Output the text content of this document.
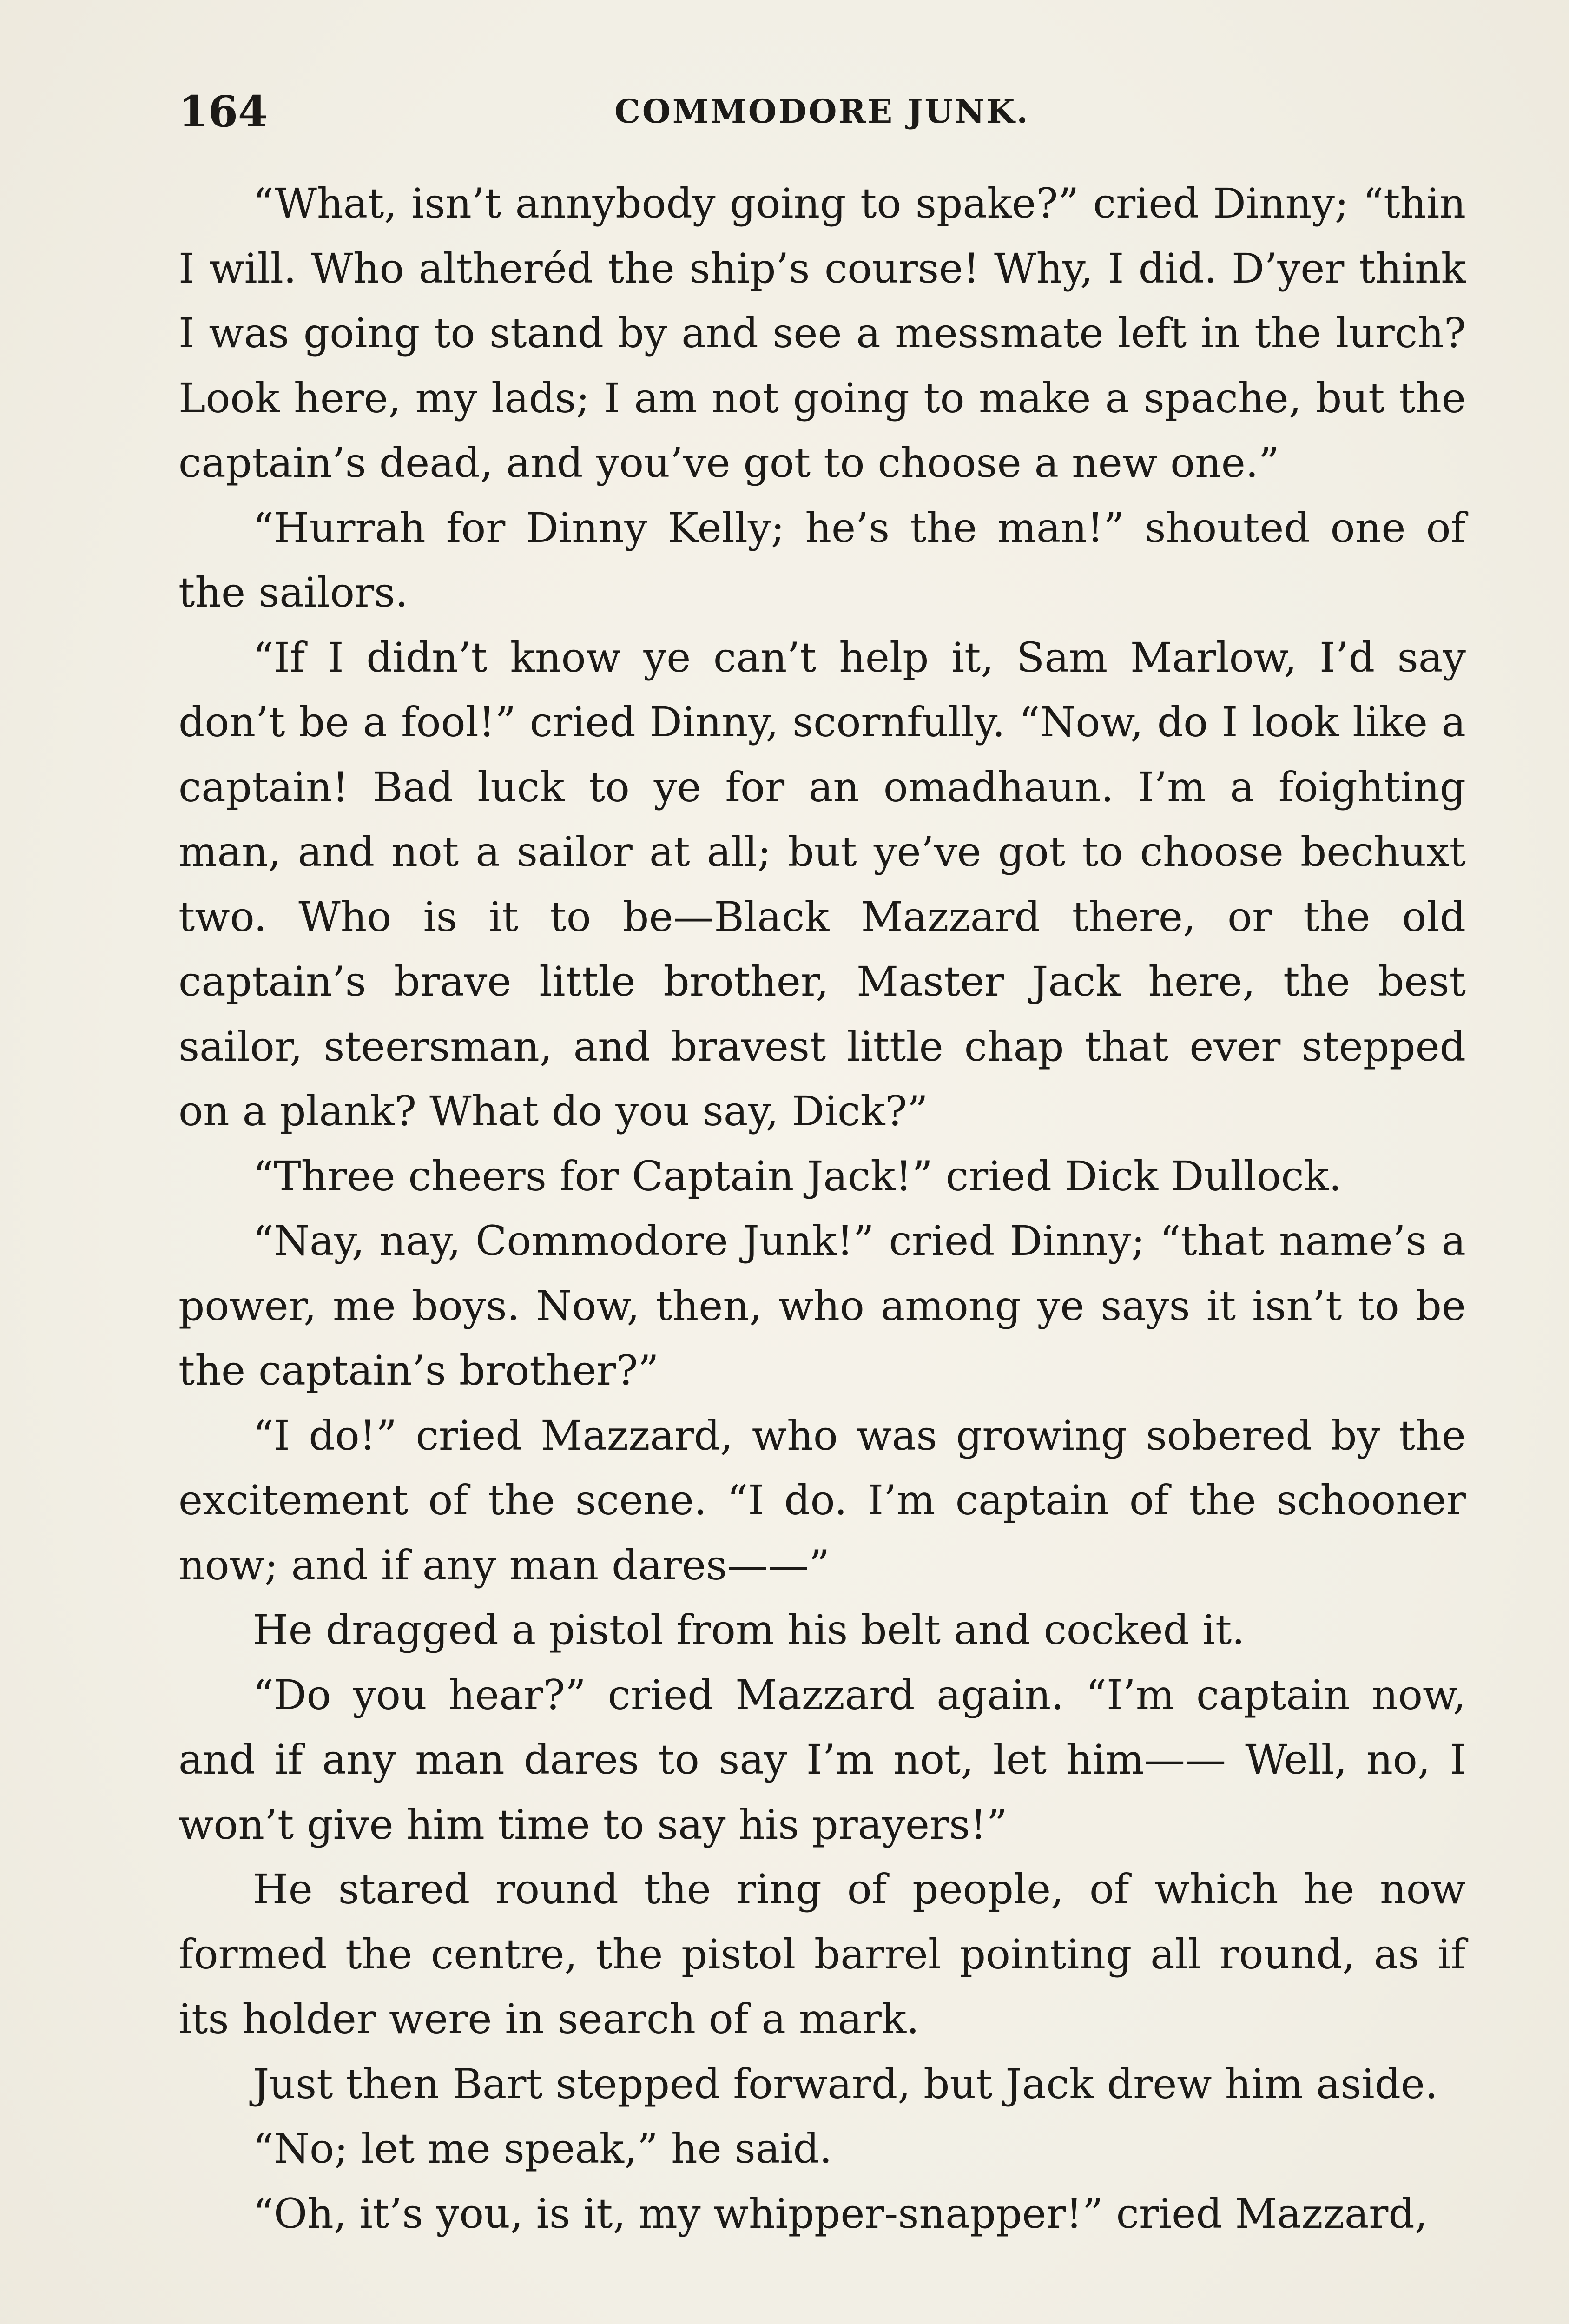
164	COMMODORE JUNK.

“What, isn’t annybody going to spake?” cried Dinny; “thin I will. Who altheréd the ship’s course! Why, I did. D’yer think I was going to stand by and see a messmate left in the lurch? Look here, my lads; I am not going to make a spache, but the captain’s dead, and you’ve got to choose a new one.”

“Hurrah for Dinny Kelly; he’s the man!” shouted one of the sailors.

“If I didn’t know ye can’t help it, Sam Marlow, I’d say don’t be a fool!” cried Dinny, scornfully. “Now, do I look like a captain! Bad luck to ye for an omadhaun. I’m a foighting man, and not a sailor at all; but ye’ve got to choose bechuxt two. Who is it to be—Black Mazzard there, or the old captain’s brave little brother, Master Jack here, the best sailor, steersman, and bravest little chap that ever stepped on a plank? What do you say, Dick?”

“Three cheers for Captain Jack!” cried Dick Dullock.

“Nay, nay, Commodore Junk!” cried Dinny; “that name’s a power, me boys. Now, then, who among ye says it isn’t to be the captain’s brother?”

“I do!” cried Mazzard, who was growing sobered by the excitement of the scene. “I do. I’m captain of the schooner now; and if any man dares——”

He dragged a pistol from his belt and cocked it.

“Do you hear?” cried Mazzard again. “I’m captain now, and if any man dares to say I’m not, let him—— Well, no, I won’t give him time to say his prayers!”

He stared round the ring of people, of which he now formed the centre, the pistol barrel pointing all round, as if its holder were in search of a mark.

Just then Bart stepped forward, but Jack drew him aside.

“No; let me speak,” he said.

“Oh, it’s you, is it, my whipper-snapper!” cried Mazzard,
